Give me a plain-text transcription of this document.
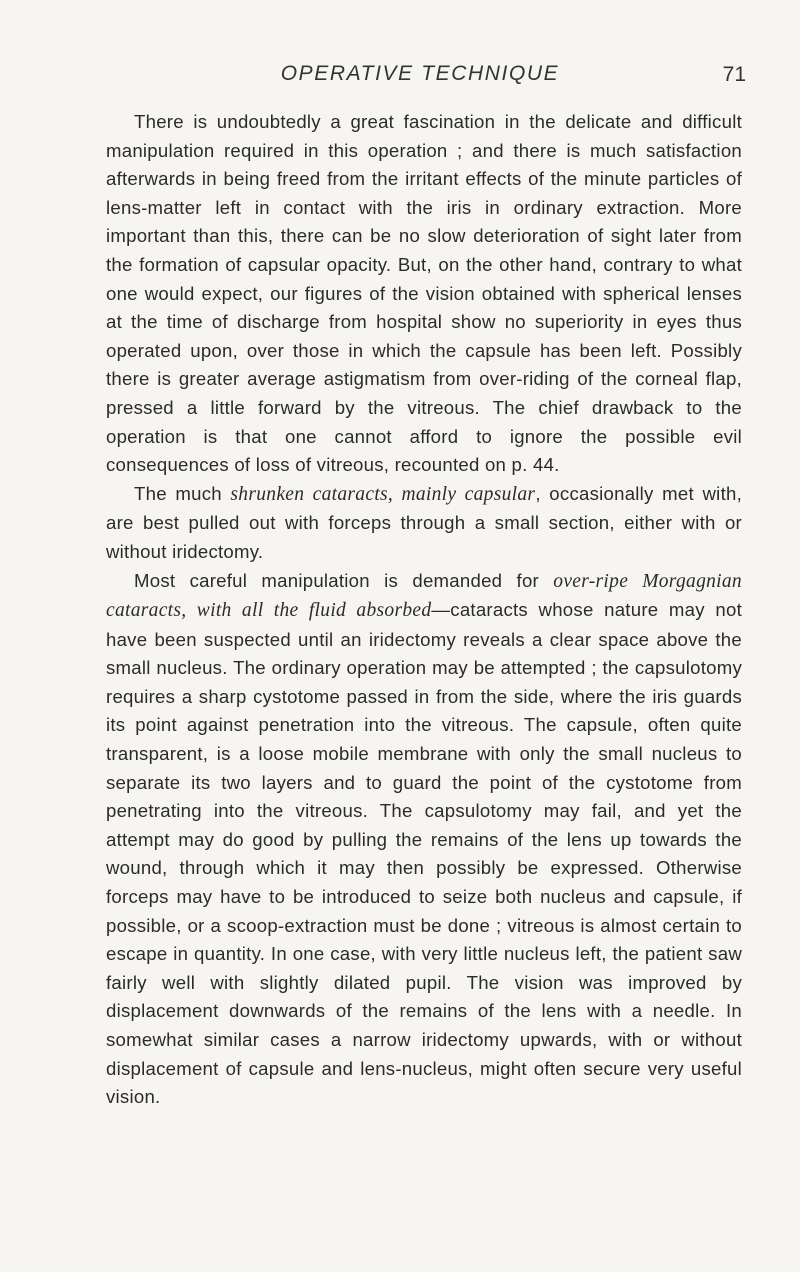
OPERATIVE TECHNIQUE	71

There is undoubtedly a great fascination in the delicate and difficult manipulation required in this operation ; and there is much satisfaction afterwards in being freed from the irritant effects of the minute particles of lens-matter left in contact with the iris in ordinary extraction. More important than this, there can be no slow deterioration of sight later from the formation of capsular opacity. But, on the other hand, contrary to what one would expect, our figures of the vision obtained with spherical lenses at the time of discharge from hospital show no superiority in eyes thus operated upon, over those in which the capsule has been left. Possibly there is greater average astigmatism from over-riding of the corneal flap, pressed a little forward by the vitreous. The chief drawback to the operation is that one cannot afford to ignore the possible evil consequences of loss of vitreous, recounted on p. 44.

The much shrunken cataracts, mainly capsular, occasionally met with, are best pulled out with forceps through a small section, either with or without iridectomy.

Most careful manipulation is demanded for over-ripe Morgagnian cataracts, with all the fluid absorbed—cataracts whose nature may not have been suspected until an iridectomy reveals a clear space above the small nucleus. The ordinary operation may be attempted ; the capsulotomy requires a sharp cystotome passed in from the side, where the iris guards its point against penetration into the vitreous. The capsule, often quite transparent, is a loose mobile membrane with only the small nucleus to separate its two layers and to guard the point of the cystotome from penetrating into the vitreous. The capsulotomy may fail, and yet the attempt may do good by pulling the remains of the lens up towards the wound, through which it may then possibly be expressed. Otherwise forceps may have to be introduced to seize both nucleus and capsule, if possible, or a scoop-extraction must be done ; vitreous is almost certain to escape in quantity. In one case, with very little nucleus left, the patient saw fairly well with slightly dilated pupil. The vision was improved by displacement downwards of the remains of the lens with a needle. In somewhat similar cases a narrow iridectomy upwards, with or without displacement of capsule and lens-nucleus, might often secure very useful vision.
